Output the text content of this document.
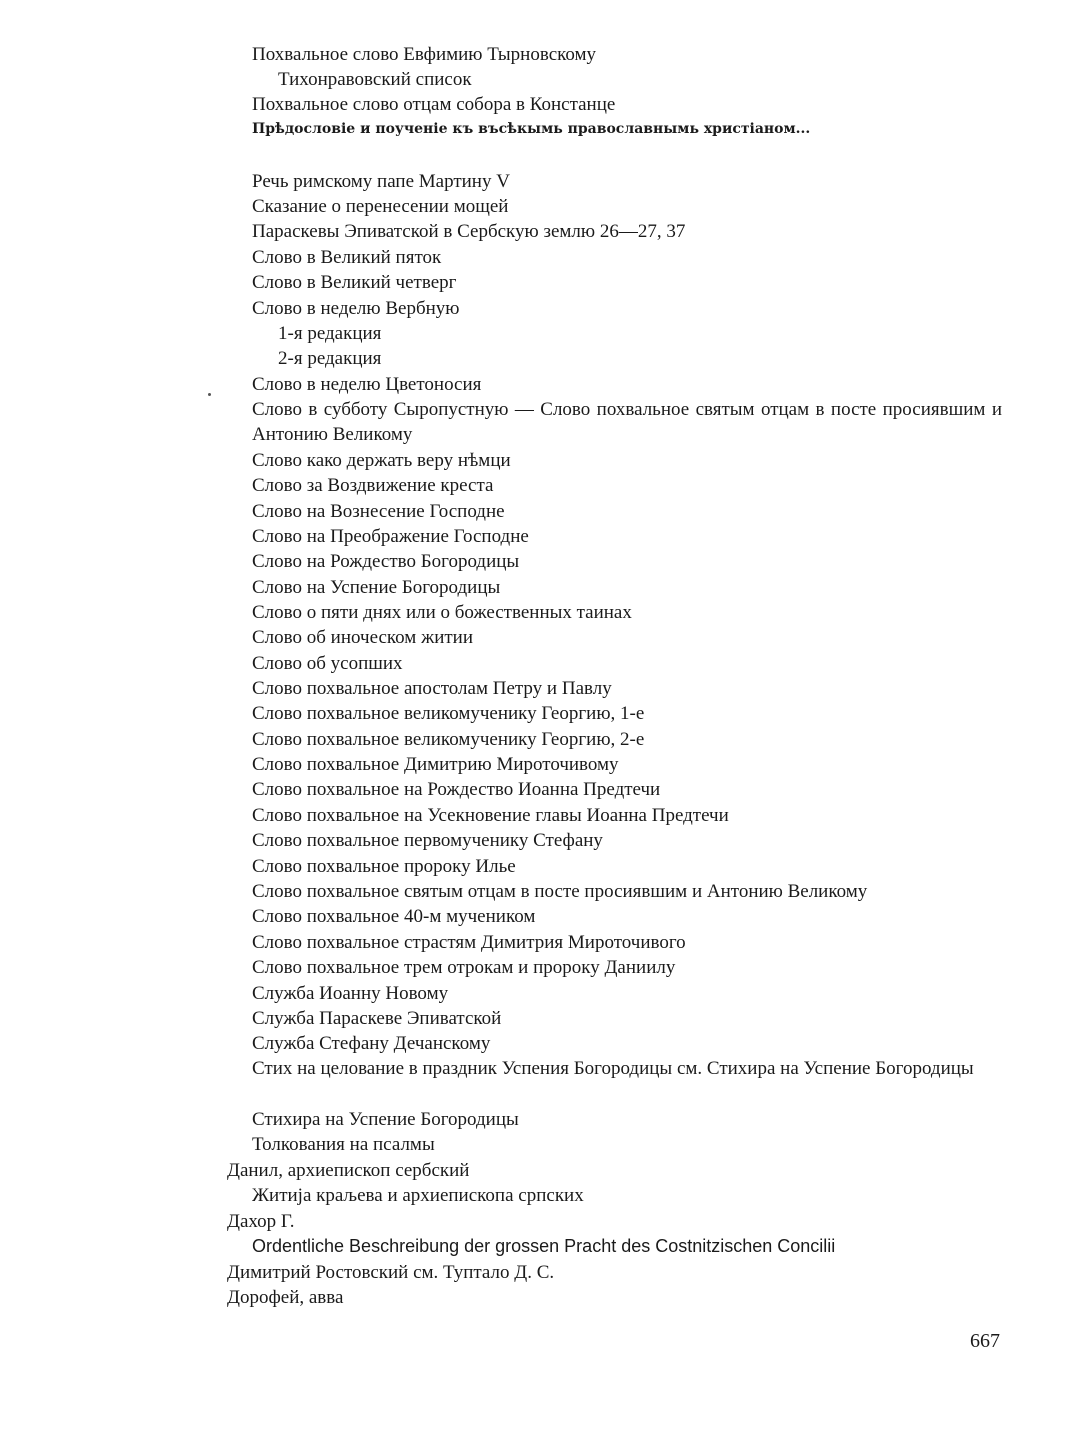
Похвальное слово Евфимию Тырновскому
Тихонравовский список
Похвальное слово отцам собора в Констанце
Прѣдословіе и поученіе къ въсѣкымь православнымь христіаном...
Речь римскому папе Мартину V
Сказание о перенесении мощей
Параскевы Эпиватской в Сербскую землю 26—27, 37
Слово в Великий пяток
Слово в Великий четверг
Слово в неделю Вербную
1-я редакция
2-я редакция
Слово в неделю Цветоносия
Слово в субботу Сыропустную — Слово похвальное святым отцам в посте просиявшим и Антонию Великому
Слово како держать веру нѣмци
Слово за Воздвижение креста
Слово на Вознесение Господне
Слово на Преображение Господне
Слово на Рождество Богородицы
Слово на Успение Богородицы
Слово о пяти днях или о божественных таинах
Слово об иноческом житии
Слово об усопших
Слово похвальное апостолам Петру и Павлу
Слово похвальное великомученику Георгию, 1-е
Слово похвальное великомученику Георгию, 2-е
Слово похвальное Димитрию Мироточивому
Слово похвальное на Рождество Иоанна Предтечи
Слово похвальное на Усекновение главы Иоанна Предтечи
Слово похвальное первомученику Стефану
Слово похвальное пророку Илье
Слово похвальное святым отцам в посте просиявшим и Антонию Великому
Слово похвальное 40-м мучеником
Слово похвальное страстям Димитрия Мироточивого
Слово похвальное трем отрокам и пророку Даниилу
Служба Иоанну Новому
Служба Параскеве Эпиватской
Служба Стефану Дечанскому
Стих на целование в праздник Успения Богородицы см. Стихира на Успение Богородицы
Стихира на Успение Богородицы
Толкования на псалмы
Данил, архиепископ сербский
Житија краљева и архиепископа српских
Дахор Г.
Ordentliche Beschreibung der grossen Pracht des Costnitzischen Concilii
Димитрий Ростовский см. Туптало Д. С.
Дорофей, авва
667
